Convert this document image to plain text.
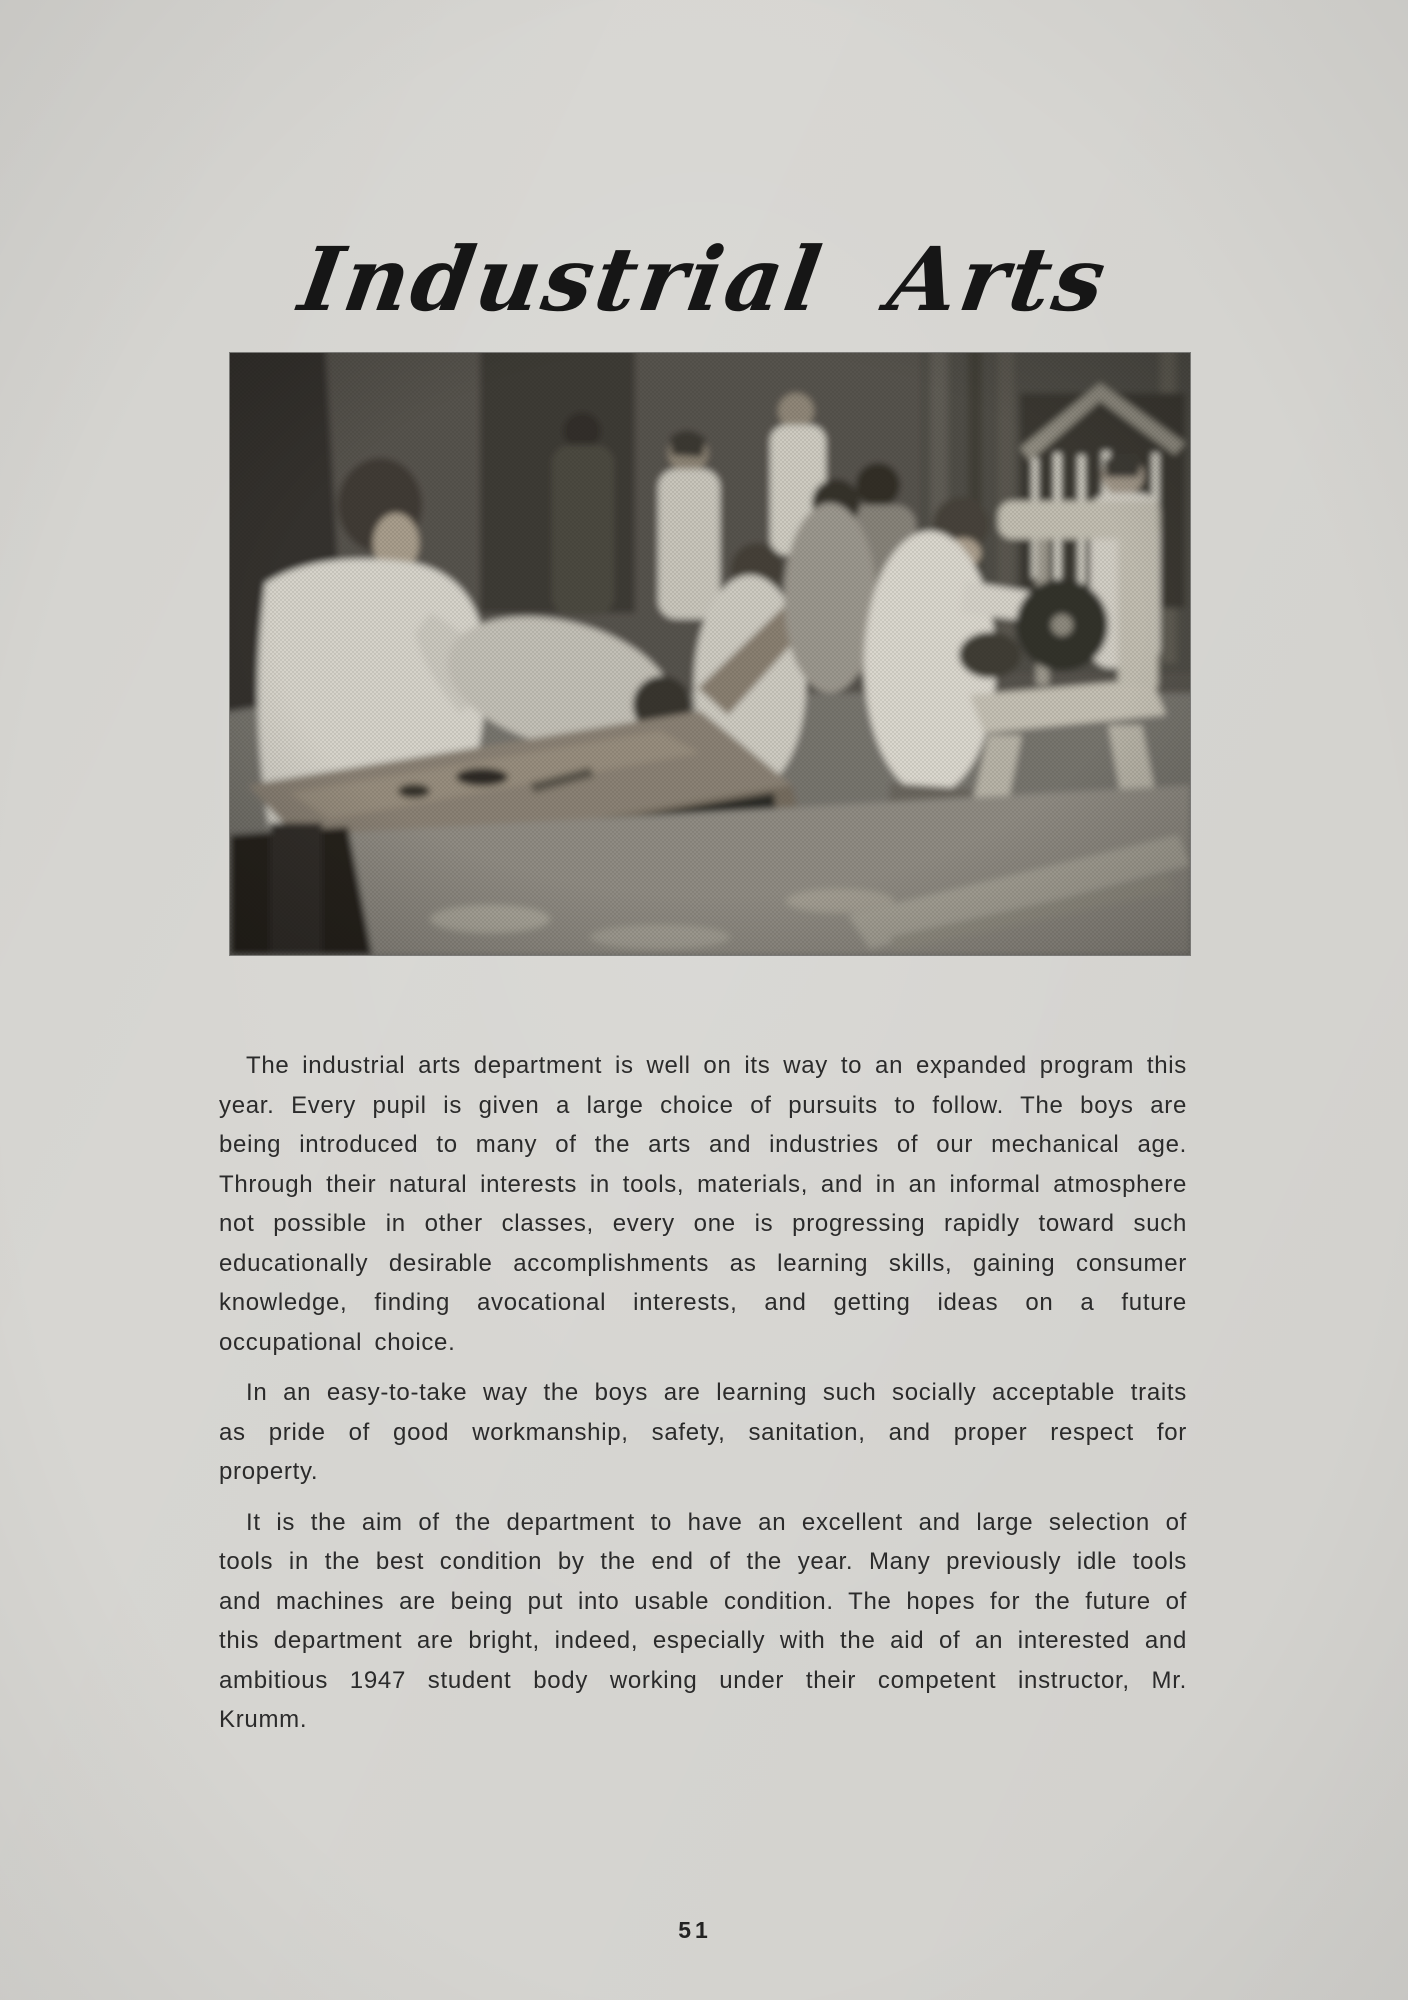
Industrial Arts

The industrial arts department is well on its way to an expanded program this year. Every pupil is given a large choice of pursuits to follow. The boys are being introduced to many of the arts and industries of our mechanical age. Through their natural interests in tools, materials, and in an informal atmosphere not possible in other classes, every one is progressing rapidly toward such educationally desirable accomplishments as learning skills, gaining consumer knowledge, finding avocational interests, and getting ideas on a future occupational choice.

In an easy-to-take way the boys are learning such socially acceptable traits as pride of good workmanship, safety, sanitation, and proper respect for property.

It is the aim of the department to have an excellent and large selection of tools in the best condition by the end of the year. Many previously idle tools and machines are being put into usable condition. The hopes for the future of this department are bright, indeed, especially with the aid of an interested and ambitious 1947 student body working under their competent instructor, Mr. Krumm.

51
